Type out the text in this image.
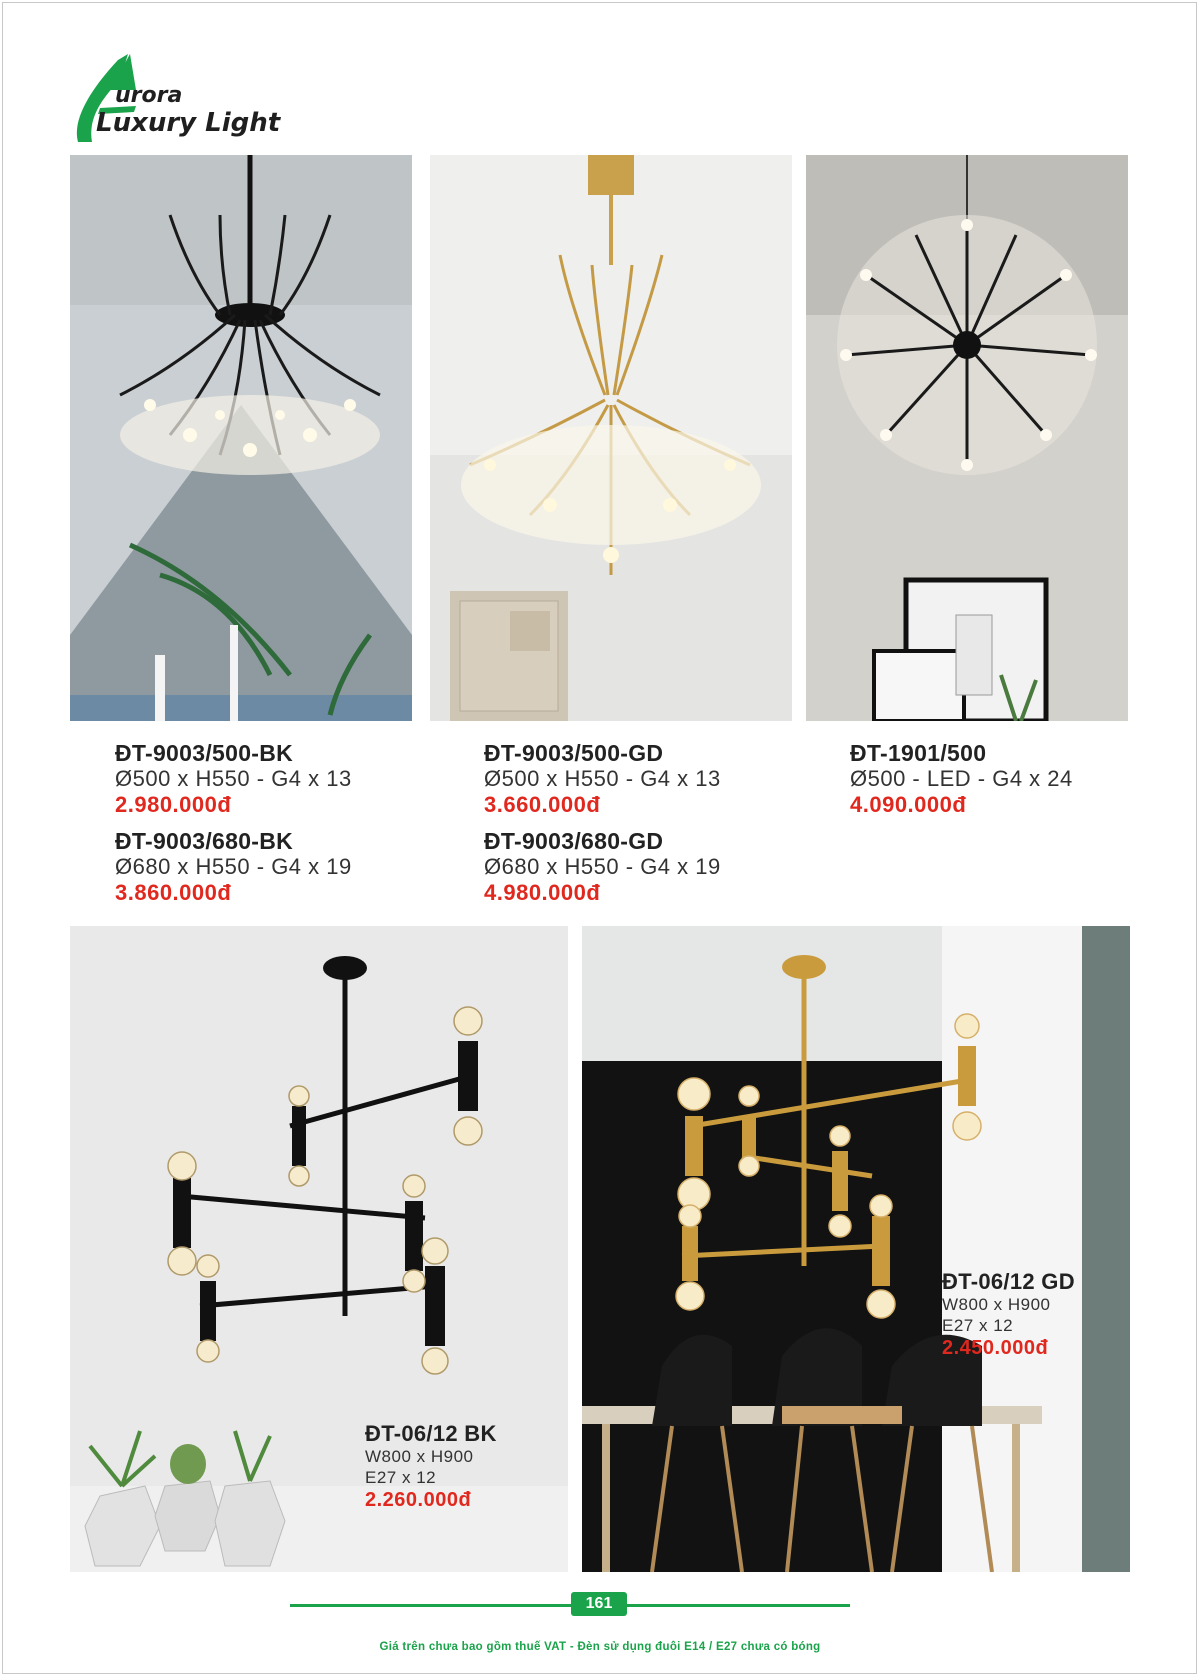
urora
Luxury Light
ĐT-9003/500-BK
Ø500 x H550 - G4 x 13
2.980.000đ
ĐT-9003/680-BK
Ø680 x H550 - G4 x 19
3.860.000đ
ĐT-9003/500-GD
Ø500 x H550 - G4 x 13
3.660.000đ
ĐT-9003/680-GD
Ø680 x H550 - G4 x 19
4.980.000đ
ĐT-1901/500
Ø500 - LED - G4 x 24
4.090.000đ
ĐT-06/12 BK
W800 x H900
E27 x 12
2.260.000đ
ĐT-06/12 GD
W800 x H900
E27 x 12
2.450.000đ
161
Giá trên chưa bao gồm thuế VAT - Đèn sử dụng đuôi E14 / E27 chưa có bóng
